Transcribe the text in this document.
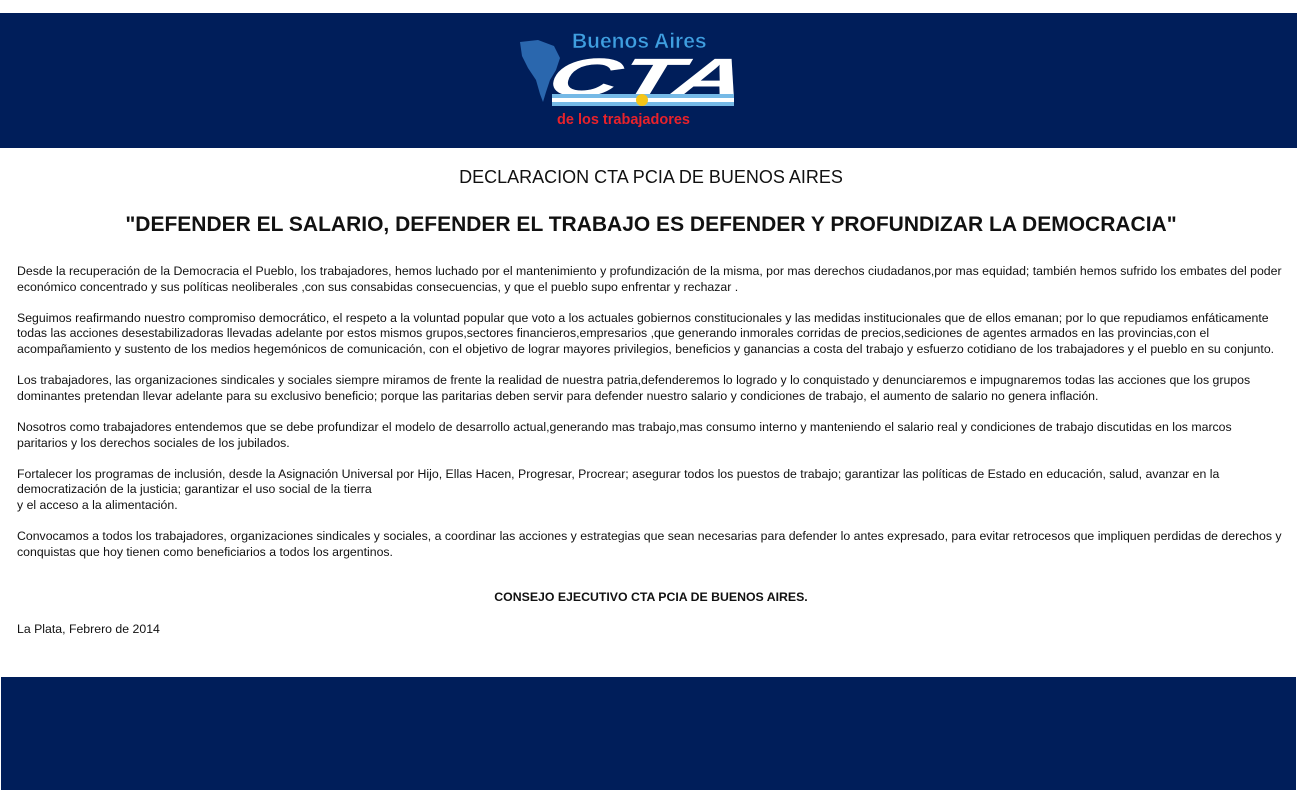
Buenos Aires
CTA
de los trabajadores
DECLARACION CTA PCIA DE BUENOS AIRES
"DEFENDER EL SALARIO, DEFENDER EL TRABAJO ES DEFENDER Y PROFUNDIZAR LA DEMOCRACIA"

Desde la recuperación de la Democracia el Pueblo, los trabajadores, hemos luchado por el mantenimiento y profundización de la misma, por mas derechos ciudadanos,por mas equidad; también hemos sufrido los embates del poder económico concentrado y sus políticas neoliberales ,con sus consabidas consecuencias, y que el pueblo supo enfrentar y rechazar .

Seguimos reafirmando nuestro compromiso democrático, el respeto a la voluntad popular que voto a los actuales gobiernos constitucionales y las medidas institucionales que de ellos emanan; por lo que repudiamos enfáticamente todas las acciones desestabilizadoras llevadas adelante por estos mismos grupos,sectores financieros,empresarios ,que generando inmorales corridas de precios,sediciones de agentes armados en las provincias,con el acompañamiento y sustento de los medios hegemónicos de comunicación, con el objetivo de lograr mayores privilegios, beneficios y ganancias a costa del trabajo y esfuerzo cotidiano de los trabajadores y el pueblo en su conjunto.

Los trabajadores, las organizaciones sindicales y sociales siempre miramos de frente la realidad de nuestra patria,defenderemos lo logrado y lo conquistado y denunciaremos e impugnaremos todas las acciones que los grupos dominantes pretendan llevar adelante para su exclusivo beneficio; porque las paritarias deben servir para defender nuestro salario y condiciones de trabajo, el aumento de salario no genera inflación.

Nosotros como trabajadores entendemos que se debe profundizar el modelo de desarrollo actual,generando mas trabajo,mas consumo interno y manteniendo el salario real y condiciones de trabajo discutidas en los marcos paritarios y los derechos sociales de los jubilados.

Fortalecer los programas de inclusión, desde la Asignación Universal por Hijo, Ellas Hacen, Progresar, Procrear; asegurar todos los puestos de trabajo; garantizar las políticas de Estado en educación, salud, avanzar en la democratización de la justicia; garantizar el uso social de la tierra
y el acceso a la alimentación.

Convocamos a todos los trabajadores, organizaciones sindicales y sociales, a coordinar las acciones y estrategias que sean necesarias para defender lo antes expresado, para evitar retrocesos que impliquen perdidas de derechos y conquistas que hoy tienen como beneficiarios a todos los argentinos.

CONSEJO EJECUTIVO CTA PCIA DE BUENOS AIRES.
La Plata, Febrero de 2014
